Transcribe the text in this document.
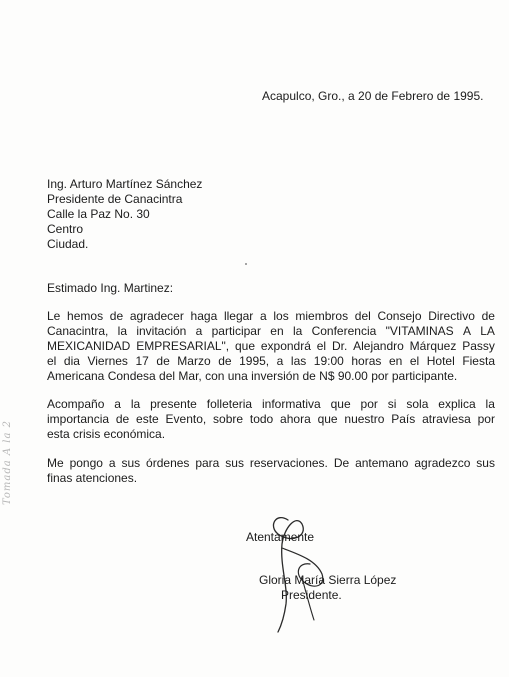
Tomada A la 2
Acapulco, Gro., a 20 de Febrero de 1995.
Ing. Arturo Martínez Sánchez
Presidente de Canacintra
Calle la Paz No. 30
Centro
Ciudad.
Estimado Ing. Martinez:
Le hemos de agradecer haga llegar a los miembros del Consejo Directivo de
Canacintra, la invitación a participar en la Conferencia "VITAMINAS A LA
MEXICANIDAD EMPRESARIAL", que expondrá el Dr. Alejandro Márquez Passy
el dia Viernes 17 de Marzo de 1995, a las 19:00 horas en el Hotel Fiesta
Americana Condesa del Mar, con una inversión de N$ 90.00 por participante.
Acompaño a la presente folleteria informativa que por si sola explica la
importancia de este Evento, sobre todo ahora que nuestro País atraviesa por
esta crisis económica.
Me pongo a sus órdenes para sus reservaciones. De antemano agradezco sus
finas atenciones.
Atentamente
Gloria María Sierra López
Presidente.
